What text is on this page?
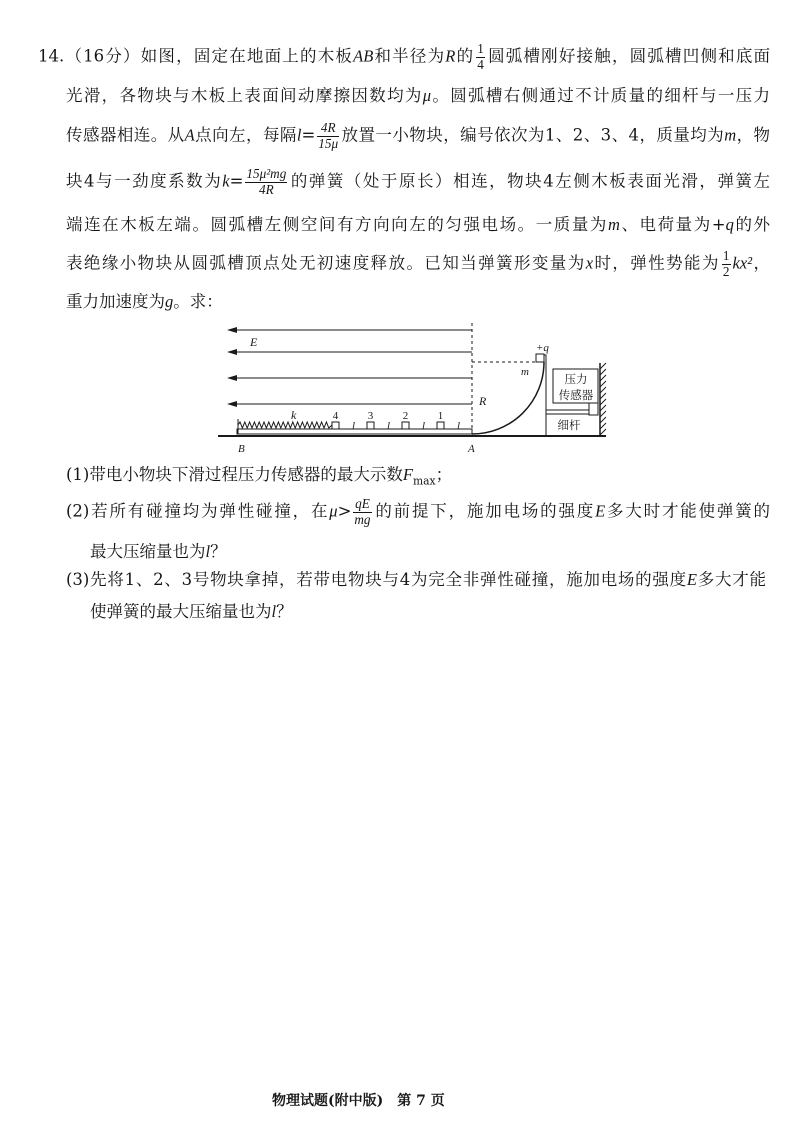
14.（16分）如图，固定在地面上的木板AB和半径为R的 $\frac{1}{4}$ 圆弧槽刚好接触，圆弧槽凹侧和底面
光滑，各物块与木板上表面间动摩擦因数均为μ。圆弧槽右侧通过不计质量的细杆与一压力
传感器相连。从A点向左，每隔$l= \frac{4R}{15\mu}$ 放置一小物块，编号依次为1、2、3、4，质量均为m，物
块4与一劲度系数为$k= \frac{\text{15μ²mg}}{4R}$ 的弹簧（处于原长）相连，物块4左侧木板表面光滑，弹簧左
端连在木板左端。圆弧槽左侧空间有方向向左的匀强电场。一质量为m、电荷量为+q的外
表绝缘小物块从圆弧槽顶点处无初速度释放。已知当弹簧形变量为x时，弹性势能为 $\frac{1}{2} kx^2$，
重力加速度为g。求：
E
R
+q
m	压力
传感器
细杆
k	4	3	2	1
l	l	l	l
B	A
(1)带电小物块下滑过程压力传感器的最大示数$F_{max}$；
(2)若所有碰撞均为弹性碰撞，在$\mu> \frac{qE}{mg}$ 的前提下，施加电场的强度E多大时才能使弹簧的
最大压缩量也为l？
(3)先将1、2、3号物块拿掉，若带电物块与4为完全非弹性碰撞，施加电场的强度E多大才能
使弹簧的最大压缩量也为l？
物理试题(附中版) 第 7 页
